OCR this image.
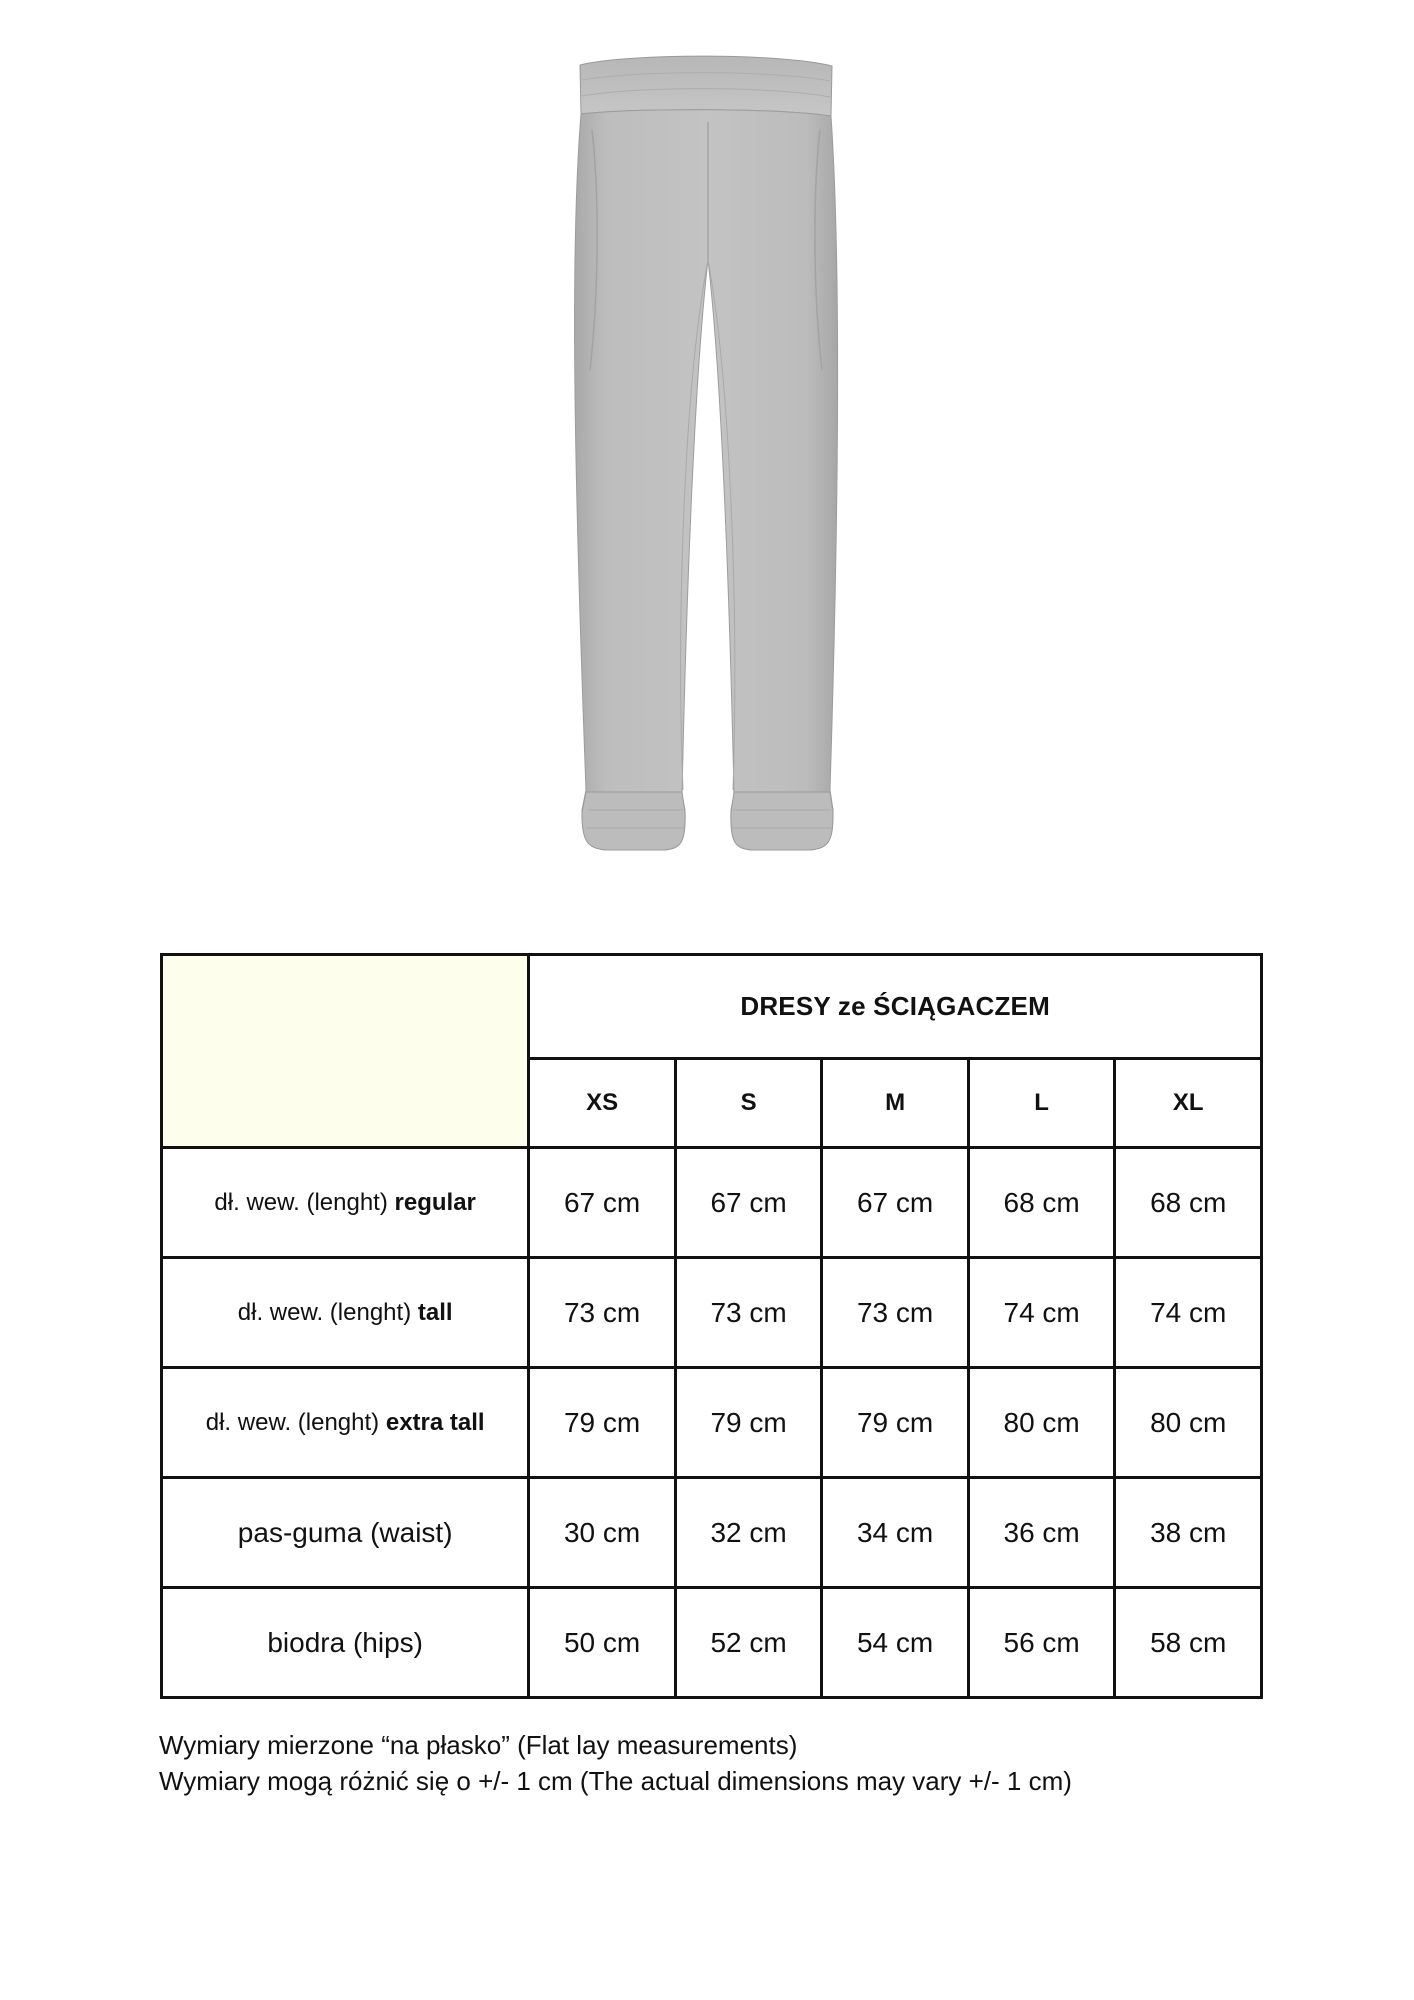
	DRESY ze ŚCIĄGACZEM				
	XS	S	M	L	XL
dł. wew. (lenght) regular	67 cm	67 cm	67 cm	68 cm	68 cm
dł. wew. (lenght) tall	73 cm	73 cm	73 cm	74 cm	74 cm
dł. wew. (lenght) extra tall	79 cm	79 cm	79 cm	80 cm	80 cm
pas-guma (waist)	30 cm	32 cm	34 cm	36 cm	38 cm
biodra (hips)	50 cm	52 cm	54 cm	56 cm	58 cm

Wymiary mierzone “na płasko” (Flat lay measurements)

Wymiary mogą różnić się o +/- 1 cm (The actual dimensions may vary +/- 1 cm)
